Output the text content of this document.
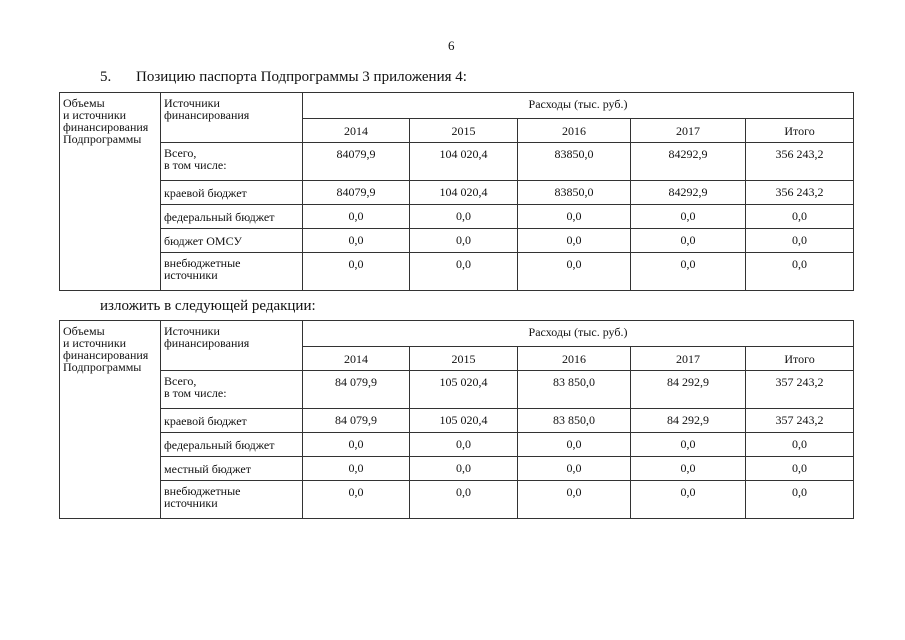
6
5. Позицию паспорта Подпрограммы 3 приложения 4:
Объемы
и источники
финансирования
Подпрограммы	Источники
финансирования	Расходы (тыс. руб.)				
		2014	2015	2016	2017	Итого
	Всего,
в том числе:	84079,9	104 020,4	83850,0	84292,9	356 243,2
	краевой бюджет	84079,9	104 020,4	83850,0	84292,9	356 243,2
	федеральный бюджет	0,0	0,0	0,0	0,0	0,0
	бюджет ОМСУ	0,0	0,0	0,0	0,0	0,0
	внебюджетные
источники	0,0	0,0	0,0	0,0	0,0
изложить в следующей редакции:
Объемы
и источники
финансирования
Подпрограммы	Источники
финансирования	Расходы (тыс. руб.)				
		2014	2015	2016	2017	Итого
	Всего,
в том числе:	84 079,9	105 020,4	83 850,0	84 292,9	357 243,2
	краевой бюджет	84 079,9	105 020,4	83 850,0	84 292,9	357 243,2
	федеральный бюджет	0,0	0,0	0,0	0,0	0,0
	местный бюджет	0,0	0,0	0,0	0,0	0,0
	внебюджетные
источники	0,0	0,0	0,0	0,0	0,0
